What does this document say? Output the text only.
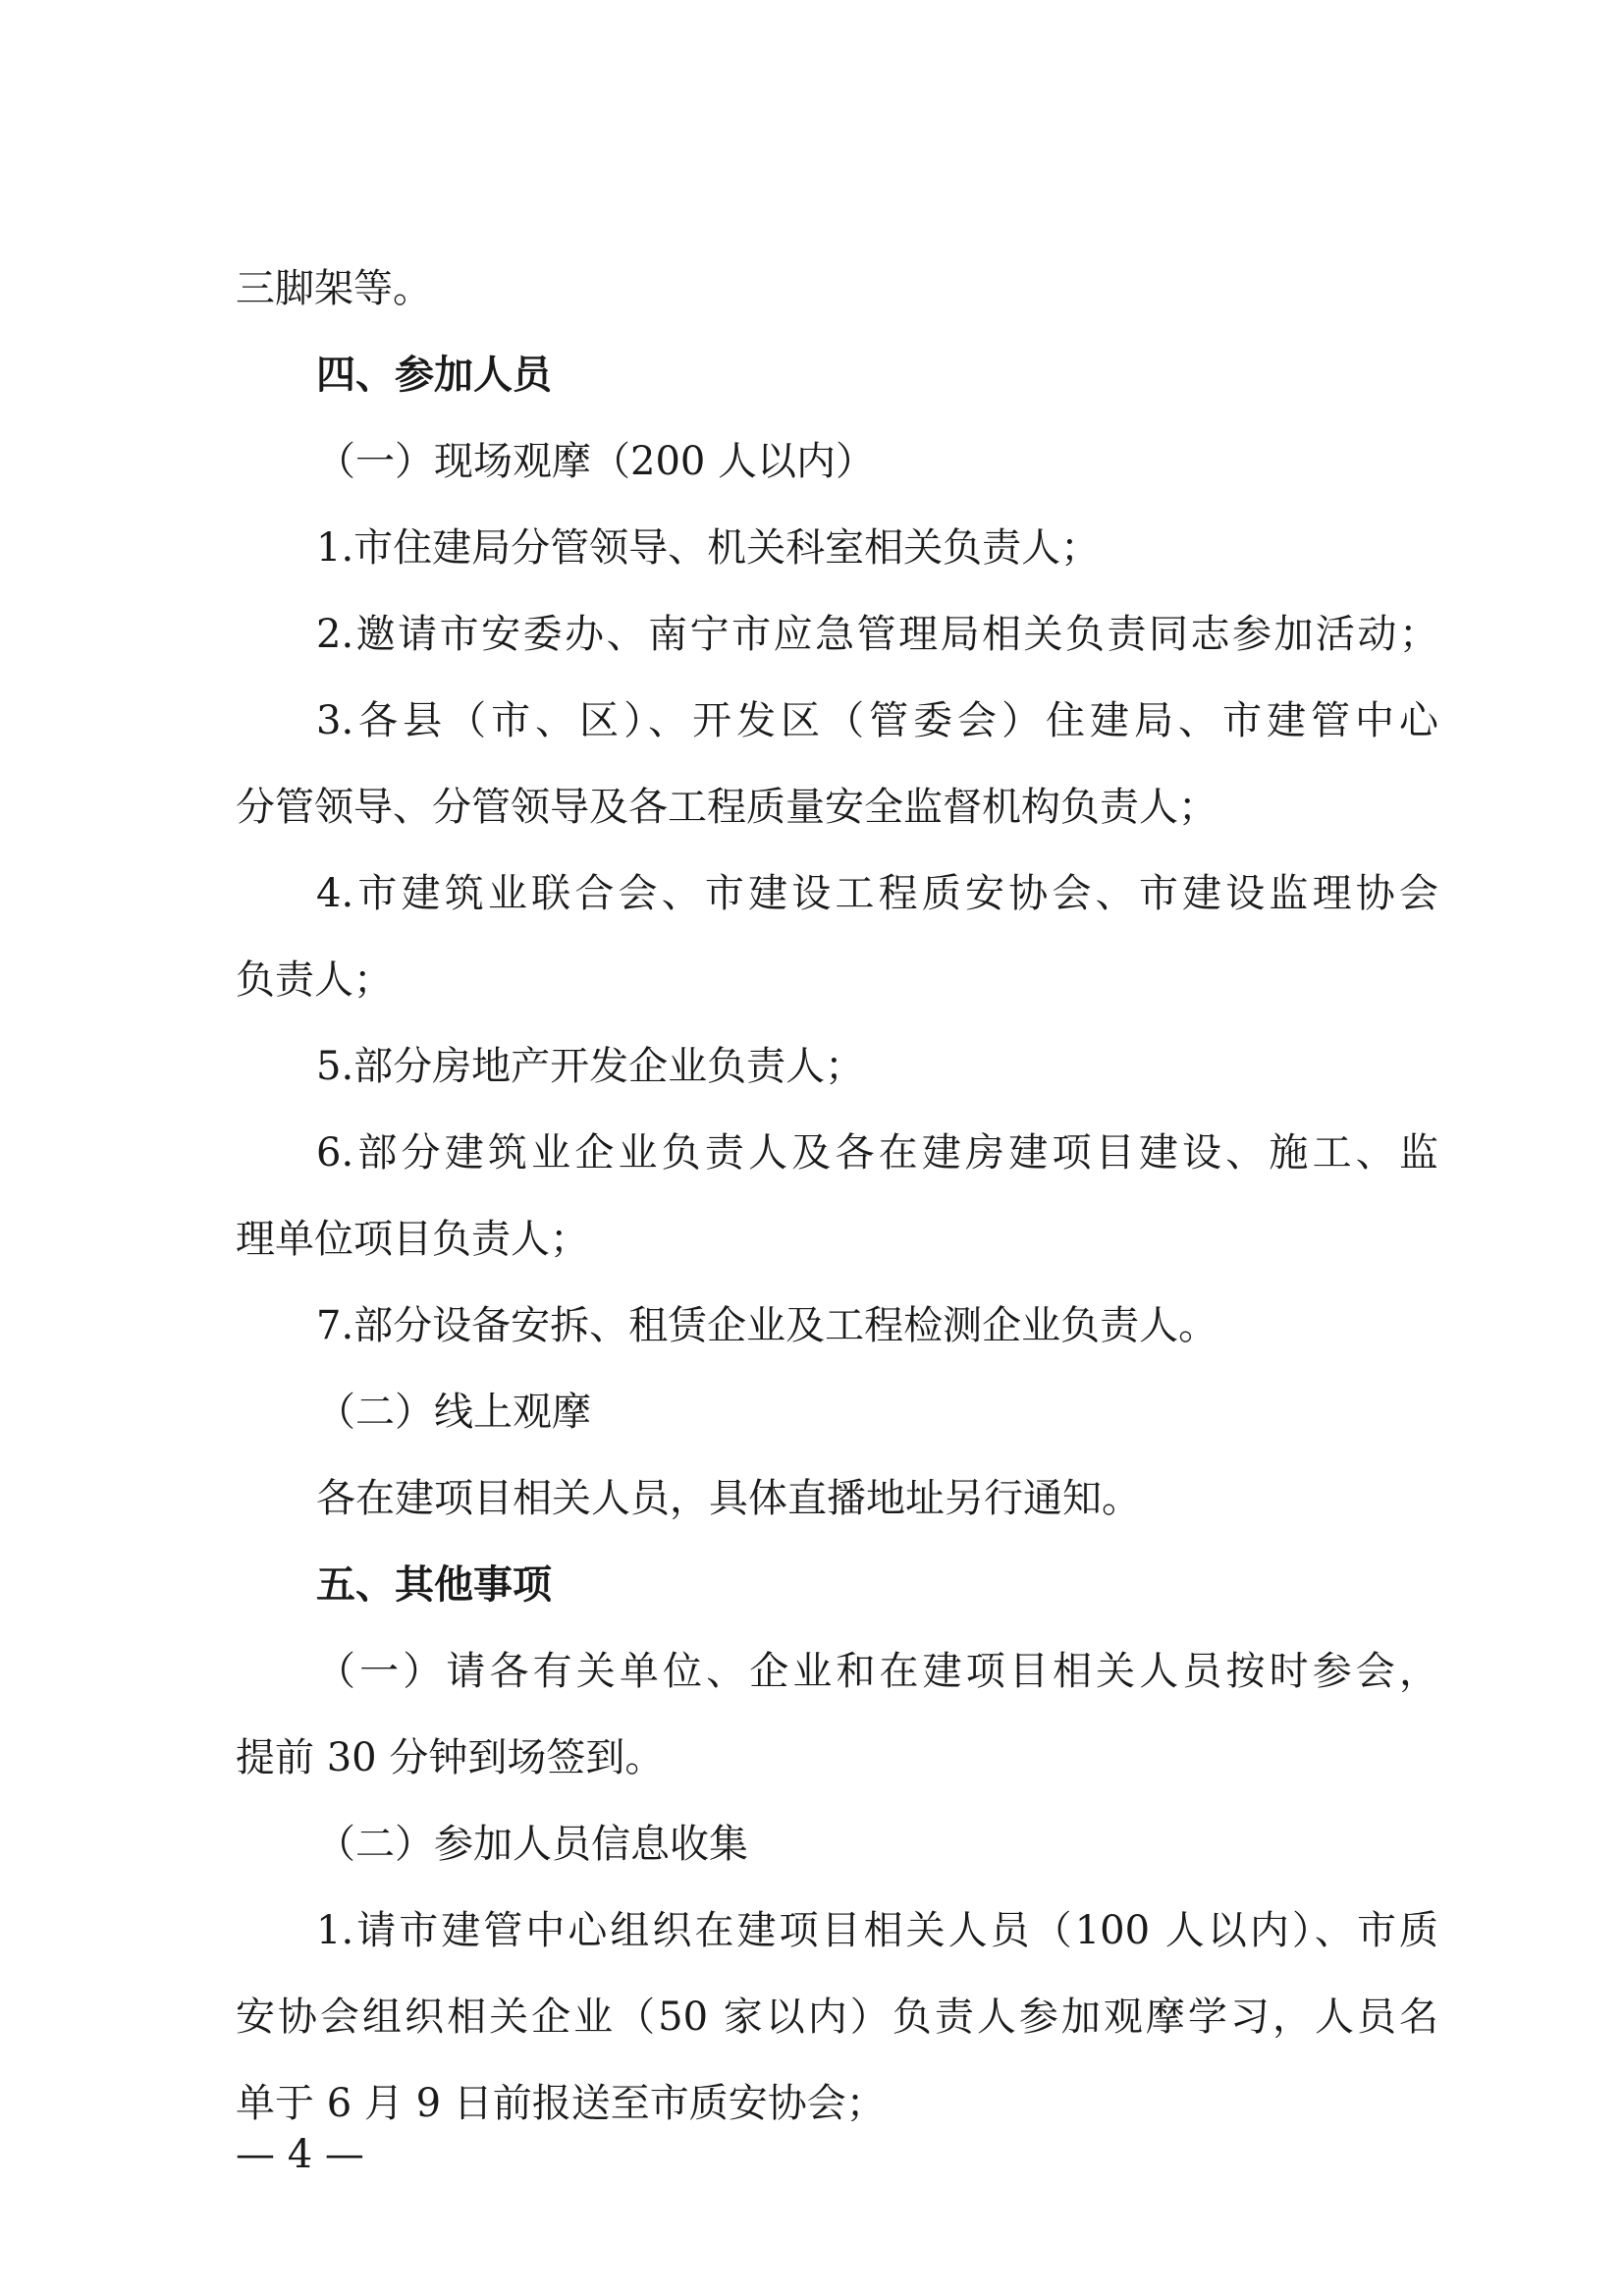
三脚架等。
四、参加人员
（一）现场观摩（200 人以内）
1.市住建局分管领导、机关科室相关负责人；
2.邀请市安委办、南宁市应急管理局相关负责同志参加活动；
3.各县（市、区）、开发区（管委会）住建局、市建管中心
分管领导、分管领导及各工程质量安全监督机构负责人；
4.市建筑业联合会、市建设工程质安协会、市建设监理协会
负责人；
5.部分房地产开发企业负责人；
6.部分建筑业企业负责人及各在建房建项目建设、施工、监
理单位项目负责人；
7.部分设备安拆、租赁企业及工程检测企业负责人。
（二）线上观摩
各在建项目相关人员，具体直播地址另行通知。
五、其他事项
（一）请各有关单位、企业和在建项目相关人员按时参会，
提前 30 分钟到场签到。
（二）参加人员信息收集
1.请市建管中心组织在建项目相关人员（100 人以内）、市质
安协会组织相关企业（50 家以内）负责人参加观摩学习，人员名
单于 6 月 9 日前报送至市质安协会；
— 4 —
